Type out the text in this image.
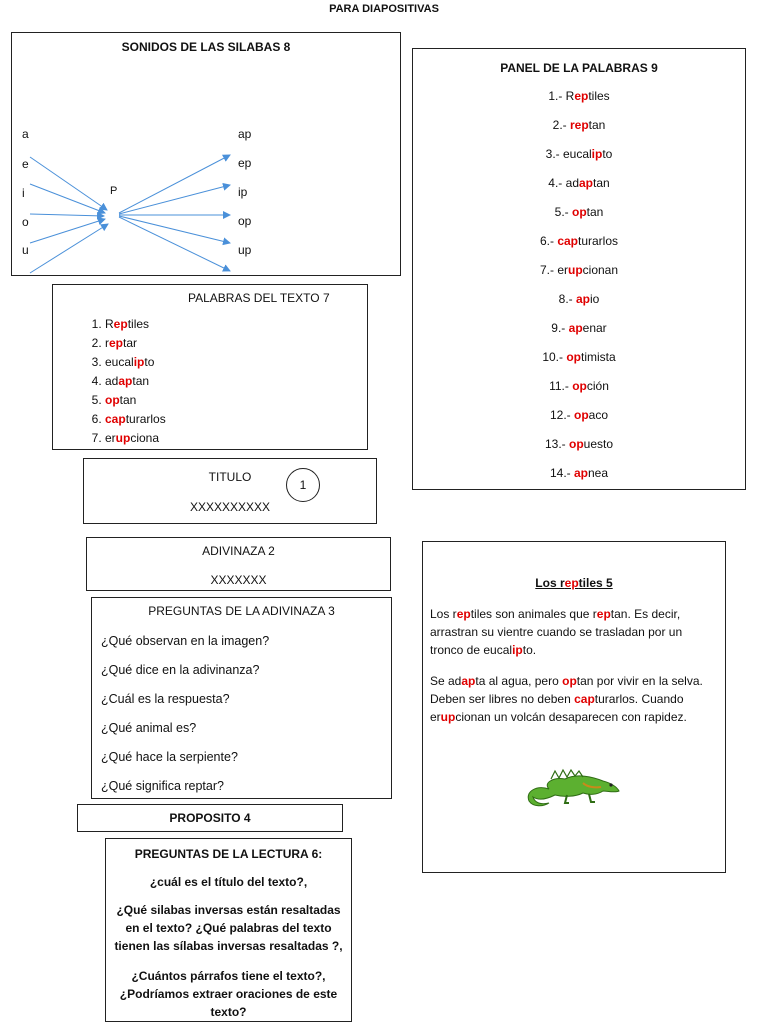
PARA DIAPOSITIVAS
SONIDOS DE LAS SILABAS 8
a
e
i
o
u
P
ap
ep
ip
op
up
PALABRAS DEL TEXTO 7
1. Reptiles
2. reptar
3. eucalipto
4. adaptan
5. optan
6. capturarlos
7. erupciona
PANEL DE LA PALABRAS 9
1.- Reptiles
2.- reptan
3.- eucalipto
4.- adaptan
5.- optan
6.- capturarlos
7.- erupcionan
8.- apio
9.- apenar
10.- optimista
11.- opción
12.- opaco
13.- opuesto
14.- apnea
TITULO
XXXXXXXXXX
1
ADIVINAZA 2
XXXXXXX
PREGUNTAS DE LA ADIVINAZA 3
¿Qué observan en la imagen?
¿Qué dice en la adivinanza?
¿Cuál es la respuesta?
¿Qué animal es?
¿Qué hace la serpiente?
¿Qué significa reptar?
PROPOSITO 4
PREGUNTAS DE LA LECTURA 6:
¿cuál es el título del texto?,
¿Qué silabas inversas están resaltadas
en el texto? ¿Qué palabras del texto
tienen las sílabas inversas resaltadas ?,
¿Cuántos párrafos tiene el texto?,
¿Podríamos extraer oraciones de este
texto?
Los reptiles 5
Los reptiles son animales que reptan. Es decir,
arrastran su vientre cuando se trasladan por un
tronco de eucalipto.
Se adapta al agua, pero optan por vivir en la selva.
Deben ser libres no deben capturarlos. Cuando
erupcionan un volcán desaparecen con rapidez.
